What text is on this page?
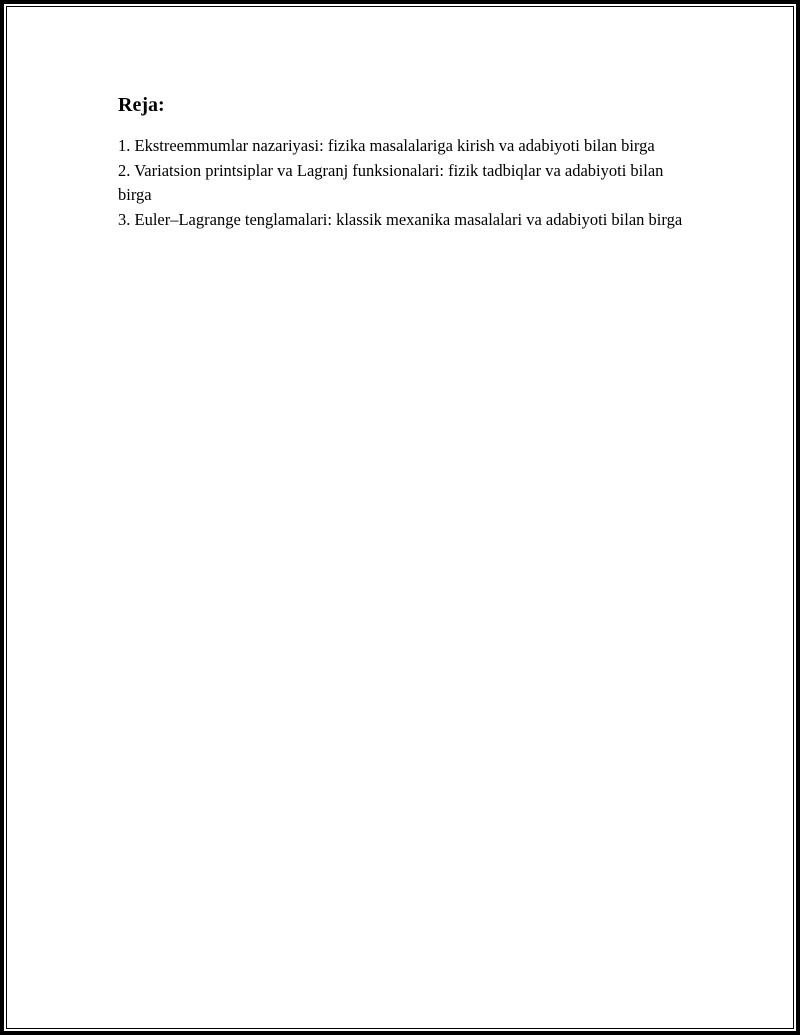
Reja:
1. Ekstreemmumlar nazariyasi: fizika masalalariga kirish va adabiyoti bilan birga
2. Variatsion printsiplar va Lagranj funksionalari: fizik tadbiqlar va adabiyoti bilan birga
3. Euler–Lagrange tenglamalari: klassik mexanika masalalari va adabiyoti bilan birga
